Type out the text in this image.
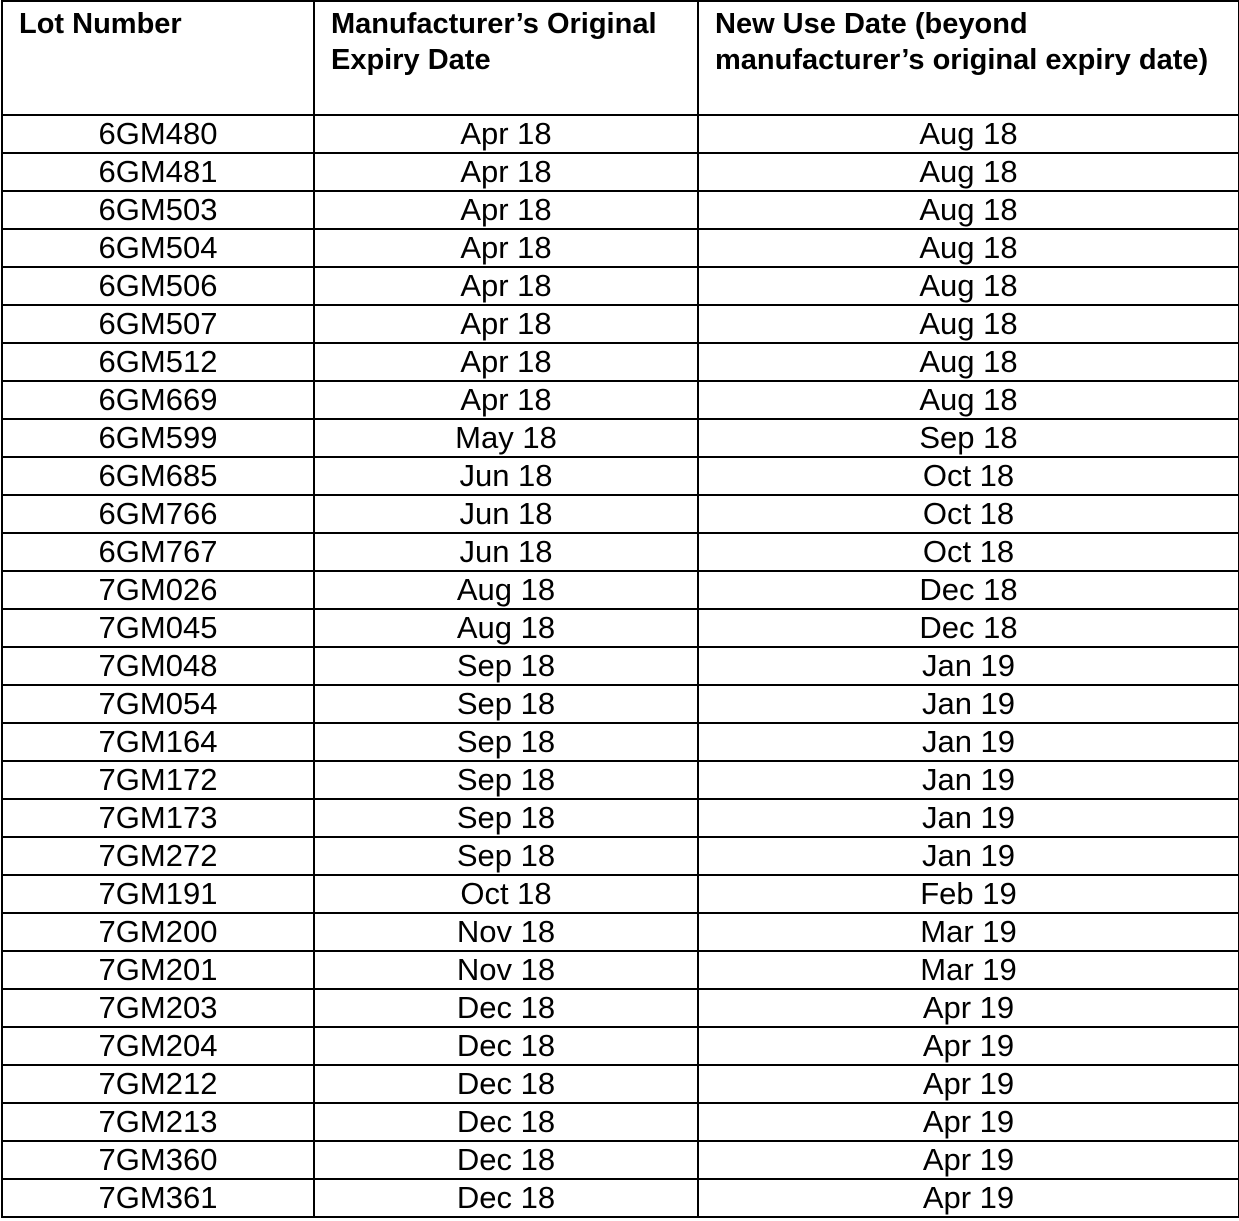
Lot Number	Manufacturer’s Original Expiry Date	New Use Date (beyond manufacturer’s original expiry date)
6GM480	Apr 18	Aug 18
6GM481	Apr 18	Aug 18
6GM503	Apr 18	Aug 18
6GM504	Apr 18	Aug 18
6GM506	Apr 18	Aug 18
6GM507	Apr 18	Aug 18
6GM512	Apr 18	Aug 18
6GM669	Apr 18	Aug 18
6GM599	May 18	Sep 18
6GM685	Jun 18	Oct 18
6GM766	Jun 18	Oct 18
6GM767	Jun 18	Oct 18
7GM026	Aug 18	Dec 18
7GM045	Aug 18	Dec 18
7GM048	Sep 18	Jan 19
7GM054	Sep 18	Jan 19
7GM164	Sep 18	Jan 19
7GM172	Sep 18	Jan 19
7GM173	Sep 18	Jan 19
7GM272	Sep 18	Jan 19
7GM191	Oct 18	Feb 19
7GM200	Nov 18	Mar 19
7GM201	Nov 18	Mar 19
7GM203	Dec 18	Apr 19
7GM204	Dec 18	Apr 19
7GM212	Dec 18	Apr 19
7GM213	Dec 18	Apr 19
7GM360	Dec 18	Apr 19
7GM361	Dec 18	Apr 19
